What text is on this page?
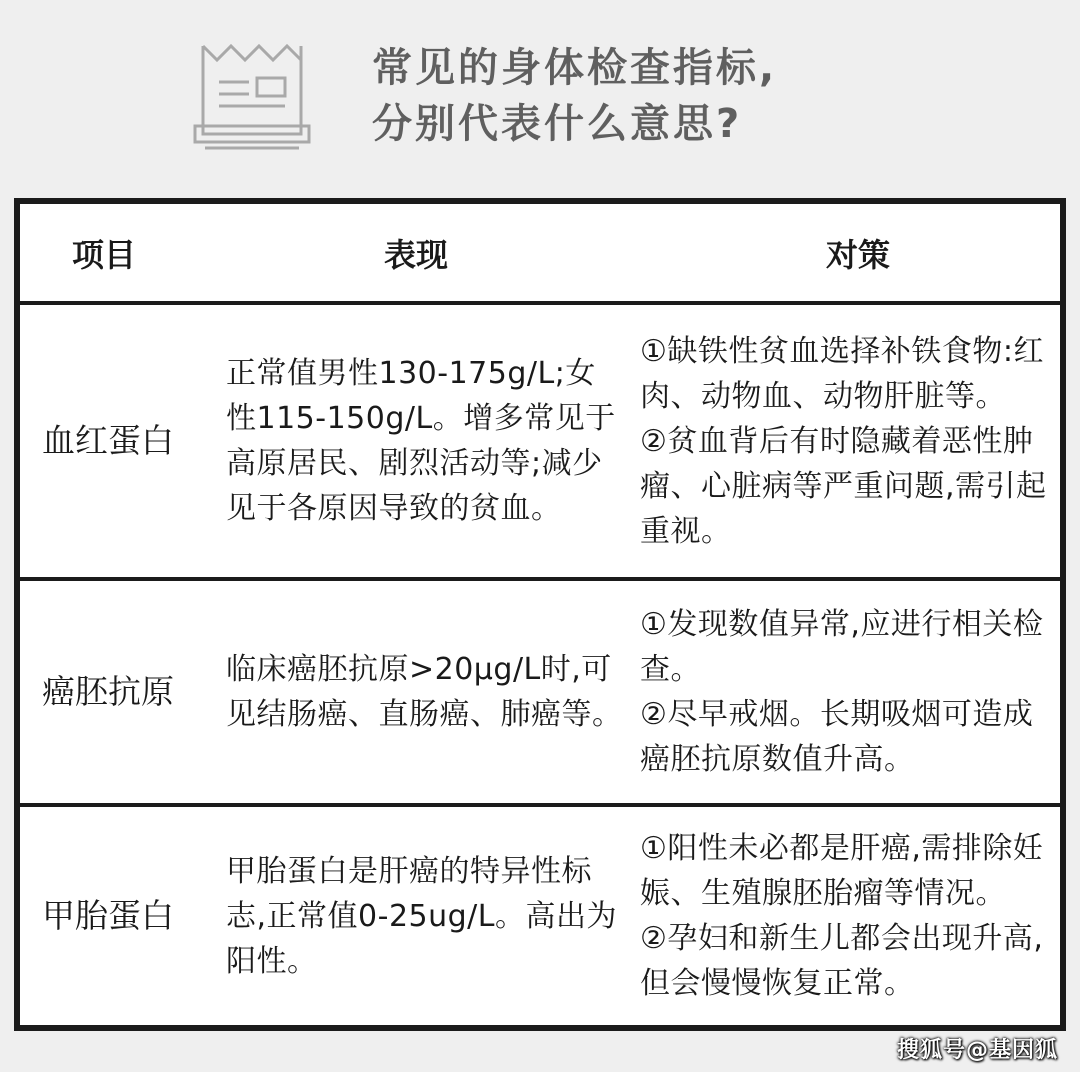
常见的身体检查指标,
分别代表什么意思?
项目	表现	对策
血红蛋白
正常值男性130-175g/L;女性115-150g/L。增多常见于高原居民、剧烈活动等;减少见于各原因导致的贫血。
①缺铁性贫血选择补铁食物:红肉、动物血、动物肝脏等。
②贫血背后有时隐藏着恶性肿瘤、心脏病等严重问题,需引起重视。
癌胚抗原
临床癌胚抗原>20μg/L时,可见结肠癌、直肠癌、肺癌等。
①发现数值异常,应进行相关检查。
②尽早戒烟。长期吸烟可造成癌胚抗原数值升高。
甲胎蛋白
甲胎蛋白是肝癌的特异性标志,正常值0-25ug/L。高出为阳性。
①阳性未必都是肝癌,需排除妊娠、生殖腺胚胎瘤等情况。
②孕妇和新生儿都会出现升高,但会慢慢恢复正常。
搜狐号@基因狐
